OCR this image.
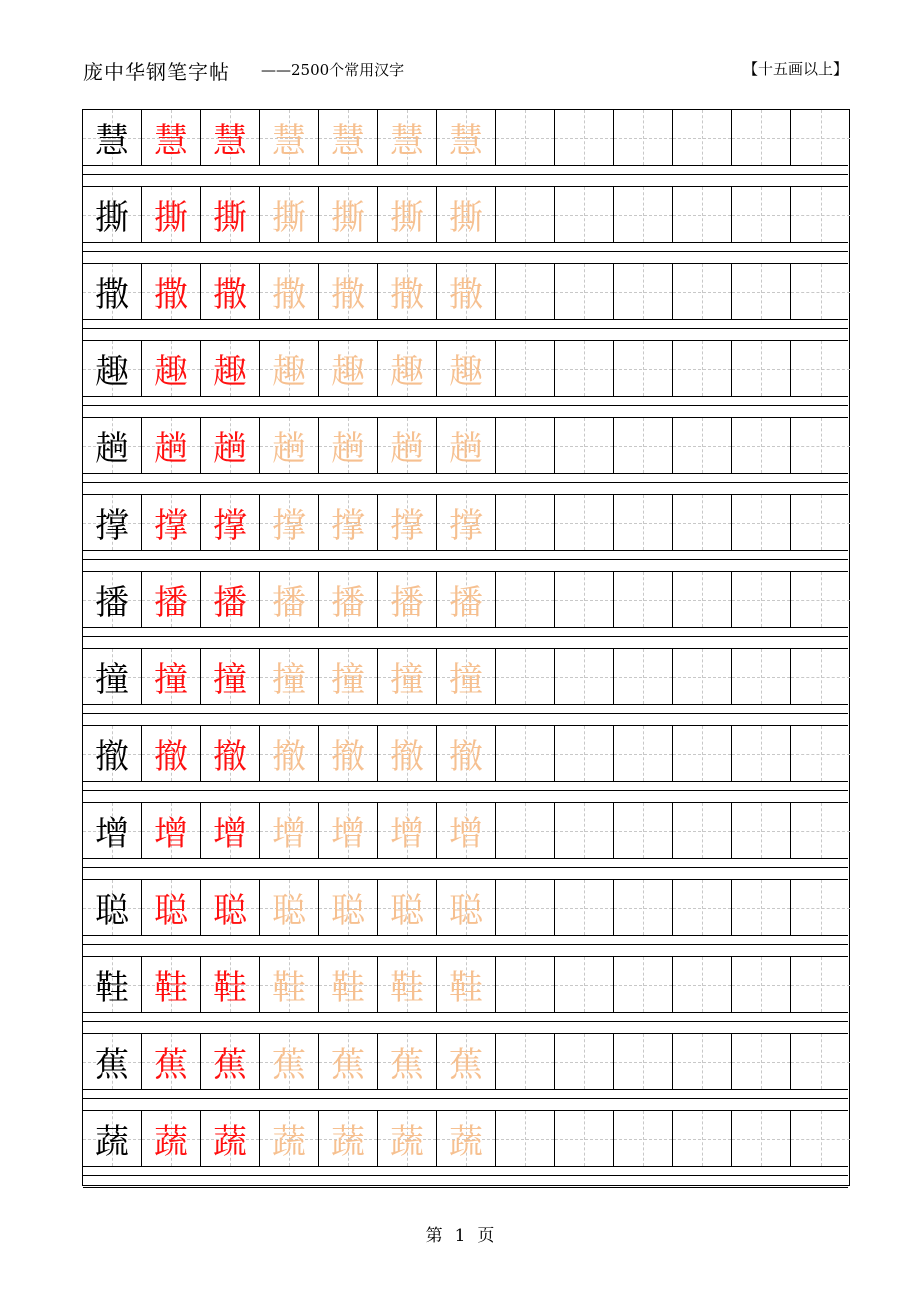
庞中华钢笔字帖 ——2500个常用汉字	【十五画以上】
慧 慧 慧 慧 慧 慧 慧
撕 撕 撕 撕 撕 撕 撕
撒 撒 撒 撒 撒 撒 撒
趣 趣 趣 趣 趣 趣 趣
趟 趟 趟 趟 趟 趟 趟
撑 撑 撑 撑 撑 撑 撑
播 播 播 播 播 播 播
撞 撞 撞 撞 撞 撞 撞
撤 撤 撤 撤 撤 撤 撤
增 增 增 增 增 增 增
聪 聪 聪 聪 聪 聪 聪
鞋 鞋 鞋 鞋 鞋 鞋 鞋
蕉 蕉 蕉 蕉 蕉 蕉 蕉
蔬 蔬 蔬 蔬 蔬 蔬 蔬
第 1 页
